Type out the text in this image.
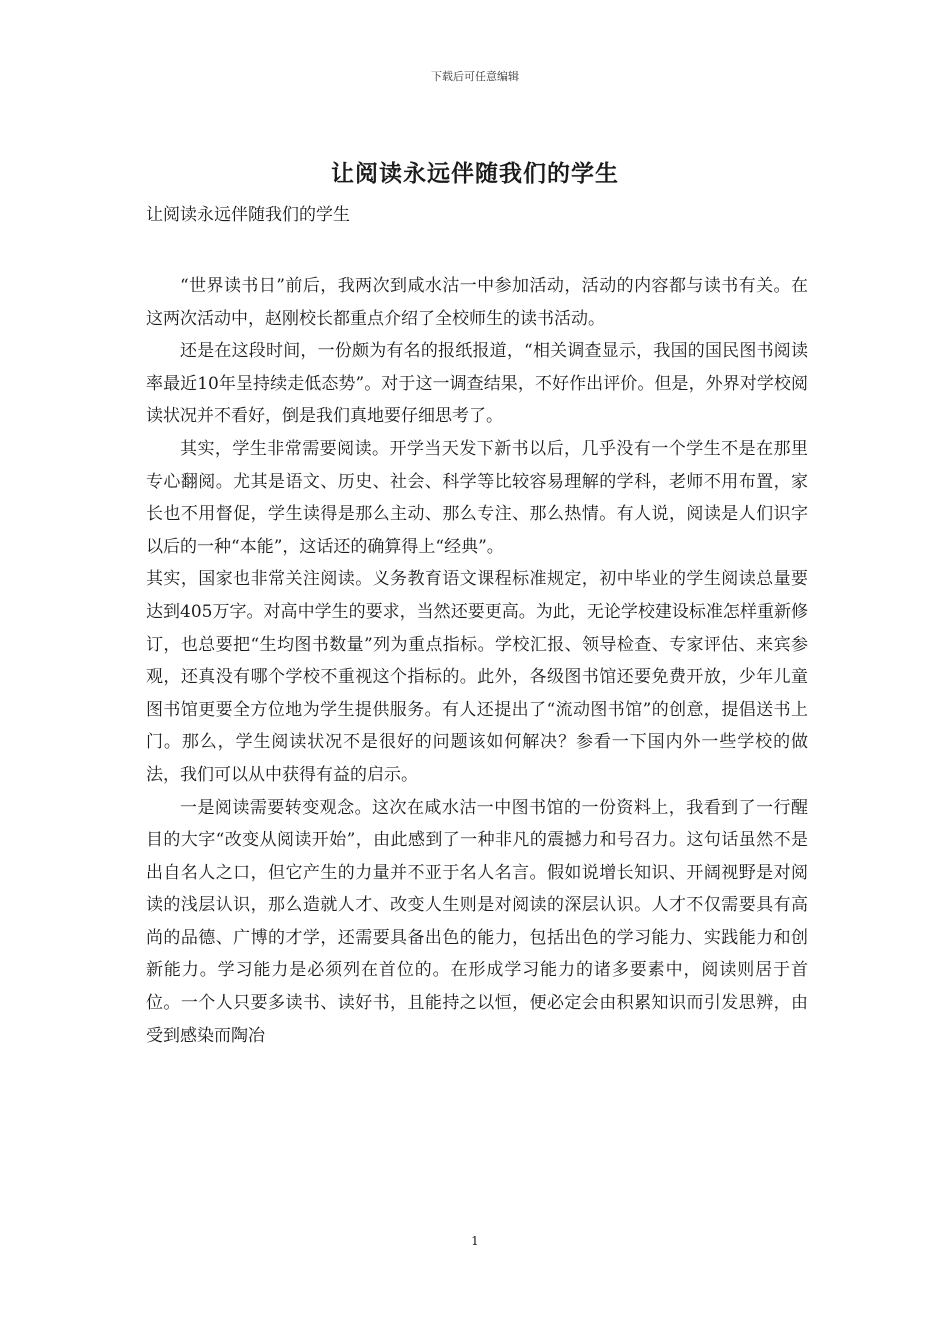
下载后可任意编辑
让阅读永远伴随我们的学生

让阅读永远伴随我们的学生

“世界读书日”前后，我两次到咸水沽一中参加活动，活动的内容都与读书有关。在这两次活动中，赵刚校长都重点介绍了全校师生的读书活动。

还是在这段时间，一份颇为有名的报纸报道，“相关调查显示，我国的国民图书阅读率最近10年呈持续走低态势”。对于这一调查结果，不好作出评价。但是，外界对学校阅读状况并不看好，倒是我们真地要仔细思考了。

其实，学生非常需要阅读。开学当天发下新书以后，几乎没有一个学生不是在那里专心翻阅。尤其是语文、历史、社会、科学等比较容易理解的学科，老师不用布置，家长也不用督促，学生读得是那么主动、那么专注、那么热情。有人说，阅读是人们识字以后的一种“本能”，这话还的确算得上“经典”。

其实，国家也非常关注阅读。义务教育语文课程标准规定，初中毕业的学生阅读总量要达到405万字。对高中学生的要求，当然还要更高。为此，无论学校建设标准怎样重新修订，也总要把“生均图书数量”列为重点指标。学校汇报、领导检查、专家评估、来宾参观，还真没有哪个学校不重视这个指标的。此外，各级图书馆还要免费开放，少年儿童图书馆更要全方位地为学生提供服务。有人还提出了“流动图书馆”的创意，提倡送书上门。那么，学生阅读状况不是很好的问题该如何解决？参看一下国内外一些学校的做法，我们可以从中获得有益的启示。

一是阅读需要转变观念。这次在咸水沽一中图书馆的一份资料上，我看到了一行醒目的大字“改变从阅读开始”，由此感到了一种非凡的震撼力和号召力。这句话虽然不是出自名人之口，但它产生的力量并不亚于名人名言。假如说增长知识、开阔视野是对阅读的浅层认识，那么造就人才、改变人生则是对阅读的深层认识。人才不仅需要具有高尚的品德、广博的才学，还需要具备出色的能力，包括出色的学习能力、实践能力和创新能力。学习能力是必须列在首位的。在形成学习能力的诸多要素中，阅读则居于首位。一个人只要多读书、读好书，且能持之以恒，便必定会由积累知识而引发思辨，由受到感染而陶冶

1
